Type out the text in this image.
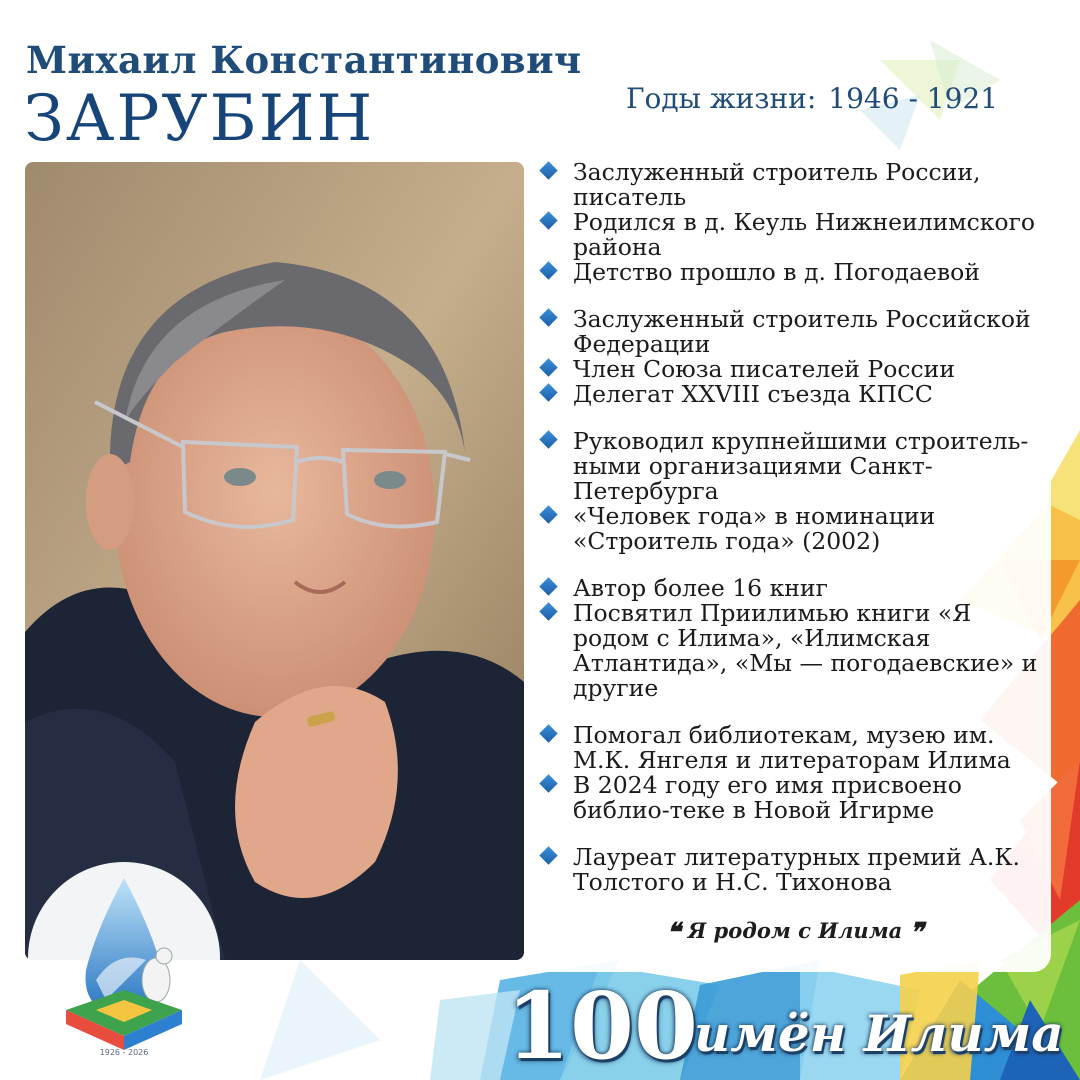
Михаил Константинович
ЗАРУБИН	Годы жизни: 1946 - 1921
Заслуженный строитель России, писатель
Родился в д. Кеуль Нижнеилимского района
Детство прошло в д. Погодаевой
Заслуженный строитель Российской Федерации
Член Союза писателей России
Делегат XXVIII съезда КПСС
Руководил крупнейшими строитель-ными организациями Санкт-Петербурга
«Человек года» в номинации «Строитель года» (2002)
Автор более 16 книг
Посвятил Приилимью книги «Я родом с Илима», «Илимская Атлантида», «Мы — погодаевские» и другие
Помогал библиотекам, музею им. М.К. Янгеля и литераторам Илима
В 2024 году его имя присвоено библио-теке в Новой Игирме
Лауреат литературных премий А.К. Толстого и Н.С. Тихонова
❝ Я родом с Илима ❞
1926 - 2026	100
имён Илима
